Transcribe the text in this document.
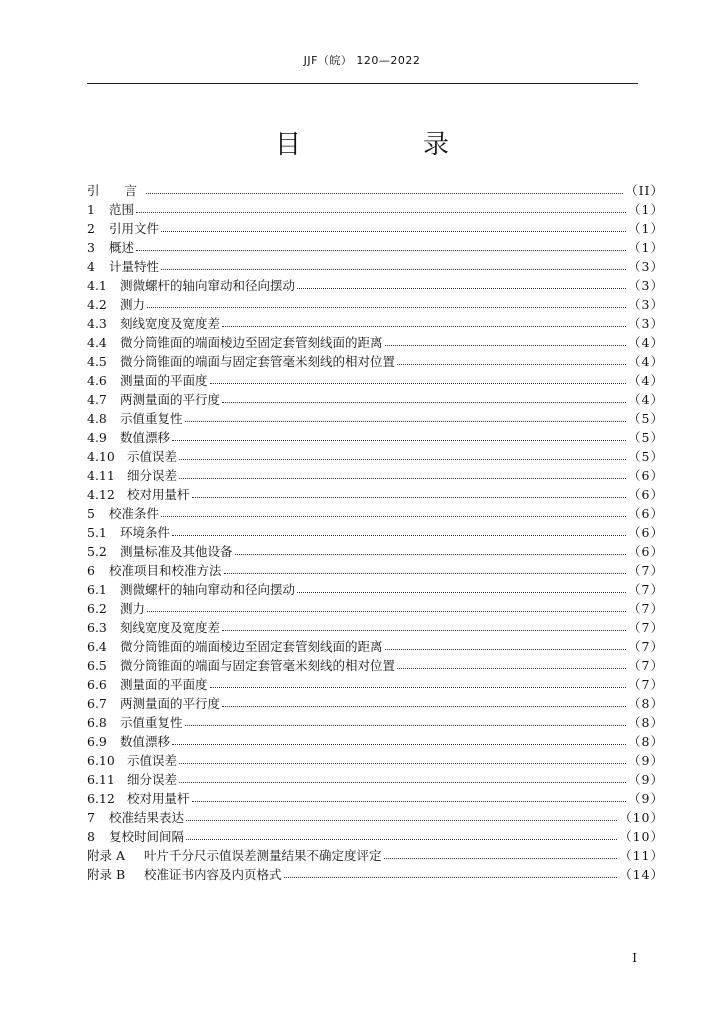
JJF（皖） 120—2022
目　录
引　　言	（II）
1	范围	（1）
2	引用文件	（1）
3	概述	（1）
4	计量特性	（3）
4.1	测微螺杆的轴向窜动和径向摆动	（3）
4.2	测力	（3）
4.3	刻线宽度及宽度差	（3）
4.4	微分筒锥面的端面棱边至固定套管刻线面的距离	（4）
4.5	微分筒锥面的端面与固定套管毫米刻线的相对位置	（4）
4.6	测量面的平面度	（4）
4.7	两测量面的平行度	（4）
4.8	示值重复性	（5）
4.9	数值漂移	（5）
4.10 示值误差	（5）
4.11 细分误差	（6）
4.12 校对用量杆	（6）
5	校准条件	（6）
5.1	环境条件	（6）
5.2	测量标准及其他设备	（6）
6	校准项目和校准方法	（7）
6.1	测微螺杆的轴向窜动和径向摆动	（7）
6.2	测力	（7）
6.3	刻线宽度及宽度差	（7）
6.4	微分筒锥面的端面棱边至固定套管刻线面的距离	（7）
6.5	微分筒锥面的端面与固定套管毫米刻线的相对位置	（7）
6.6	测量面的平面度	（7）
6.7	两测量面的平行度	（8）
6.8	示值重复性	（8）
6.9	数值漂移	（8）
6.10 示值误差	（9）
6.11 细分误差	（9）
6.12 校对用量杆	（9）
7	校准结果表达	（10）
8	复校时间间隔	（10）
附录 A	叶片千分尺示值误差测量结果不确定度评定	（11）
附录 B	校准证书内容及内页格式	（14）
I
